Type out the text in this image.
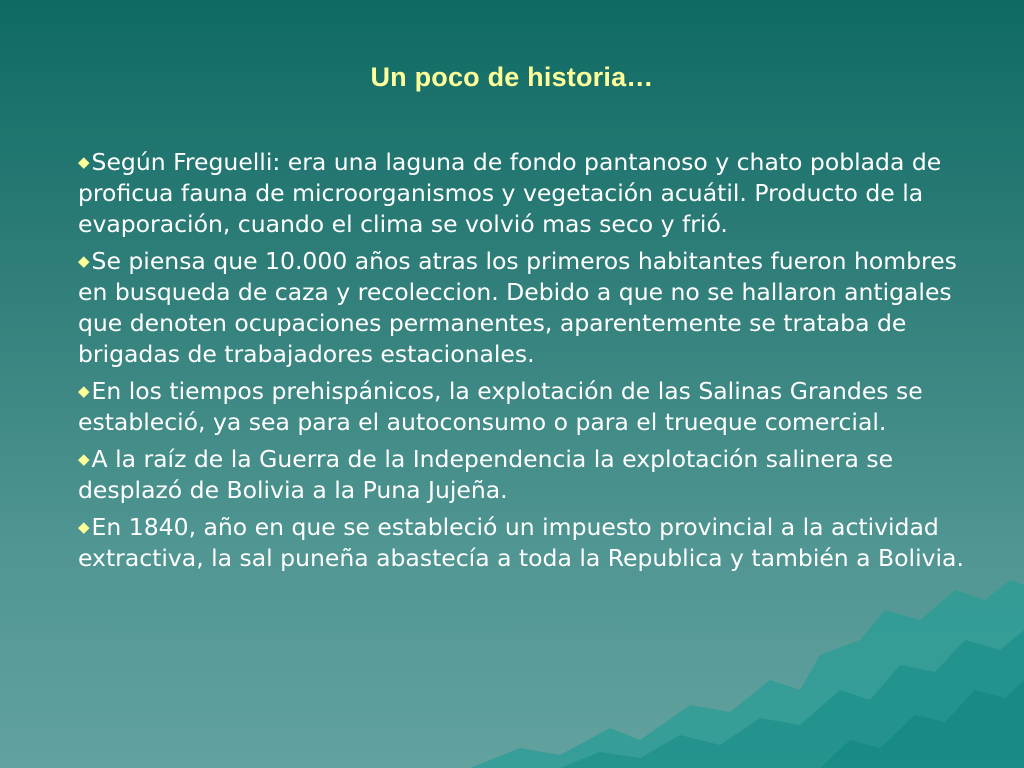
Un poco de historia…
◆Según Freguelli: era una laguna de fondo pantanoso y chato poblada de proficua fauna de microorganismos y vegetación acuátil. Producto de la evaporación, cuando el clima se volvió mas seco y frió.
◆Se piensa que 10.000 años atras los primeros habitantes fueron hombres en busqueda de caza y recoleccion. Debido a que no se hallaron antigales que denoten ocupaciones permanentes, aparentemente se trataba de brigadas de trabajadores estacionales.
◆En los tiempos prehispánicos, la explotación de las Salinas Grandes se estableció, ya sea para el autoconsumo o para el trueque comercial.
◆A la raíz de la Guerra de la Independencia la explotación salinera se desplazó de Bolivia a la Puna Jujeña.
◆En 1840, año en que se estableció un impuesto provincial a la actividad extractiva, la sal puneña abastecía a toda la Republica y también a Bolivia.
